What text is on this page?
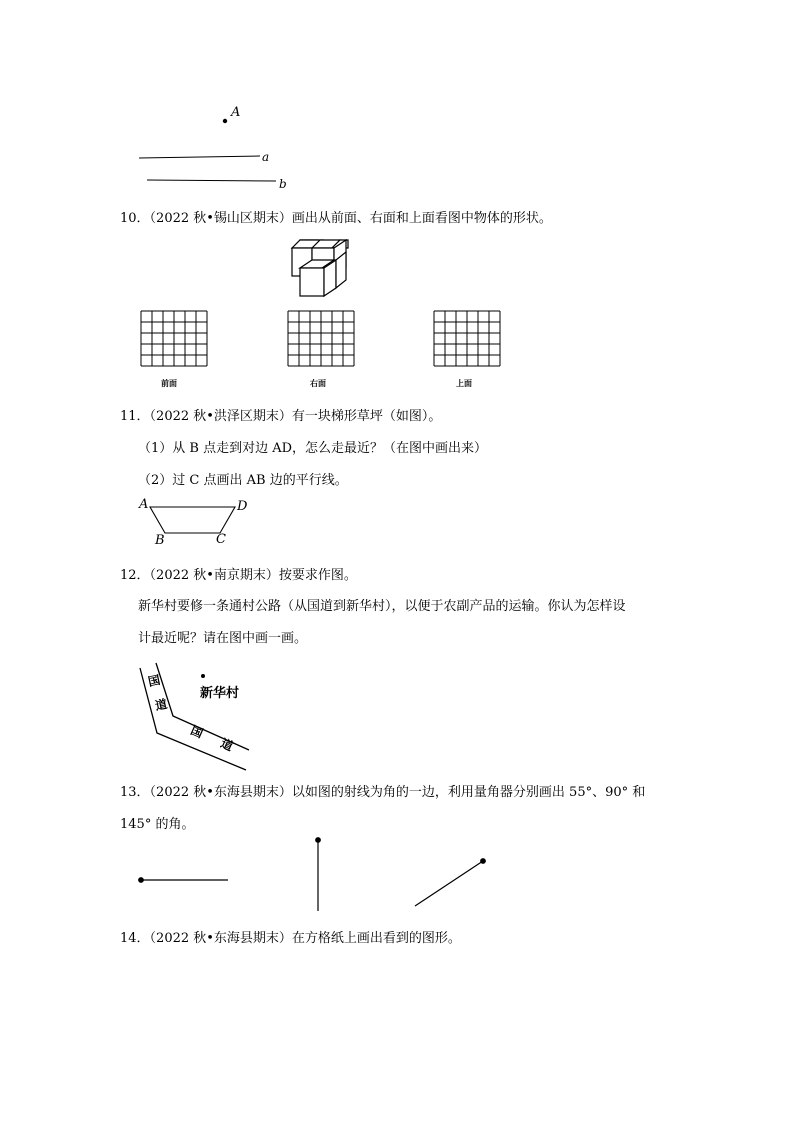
A
a
b
10．（2022 秋•锡山区期末）画出从前面、右面和上面看图中物体的形状。
前面	右面	上面
11．（2022 秋•洪泽区期末）有一块梯形草坪（如图）。
（1）从 B 点走到对边 AD，怎么走最近？（在图中画出来）
（2）过 C 点画出 AB 边的平行线。
A	D
B	C
12．（2022 秋•南京期末）按要求作图。
新华村要修一条通村公路（从国道到新华村），以便于农副产品的运输。你认为怎样设
计最近呢？请在图中画一画。
国
道
国
道
新华村
13．（2022 秋•东海县期末）以如图的射线为角的一边，利用量角器分别画出 55°、90° 和
145° 的角。
14．（2022 秋•东海县期末）在方格纸上画出看到的图形。
